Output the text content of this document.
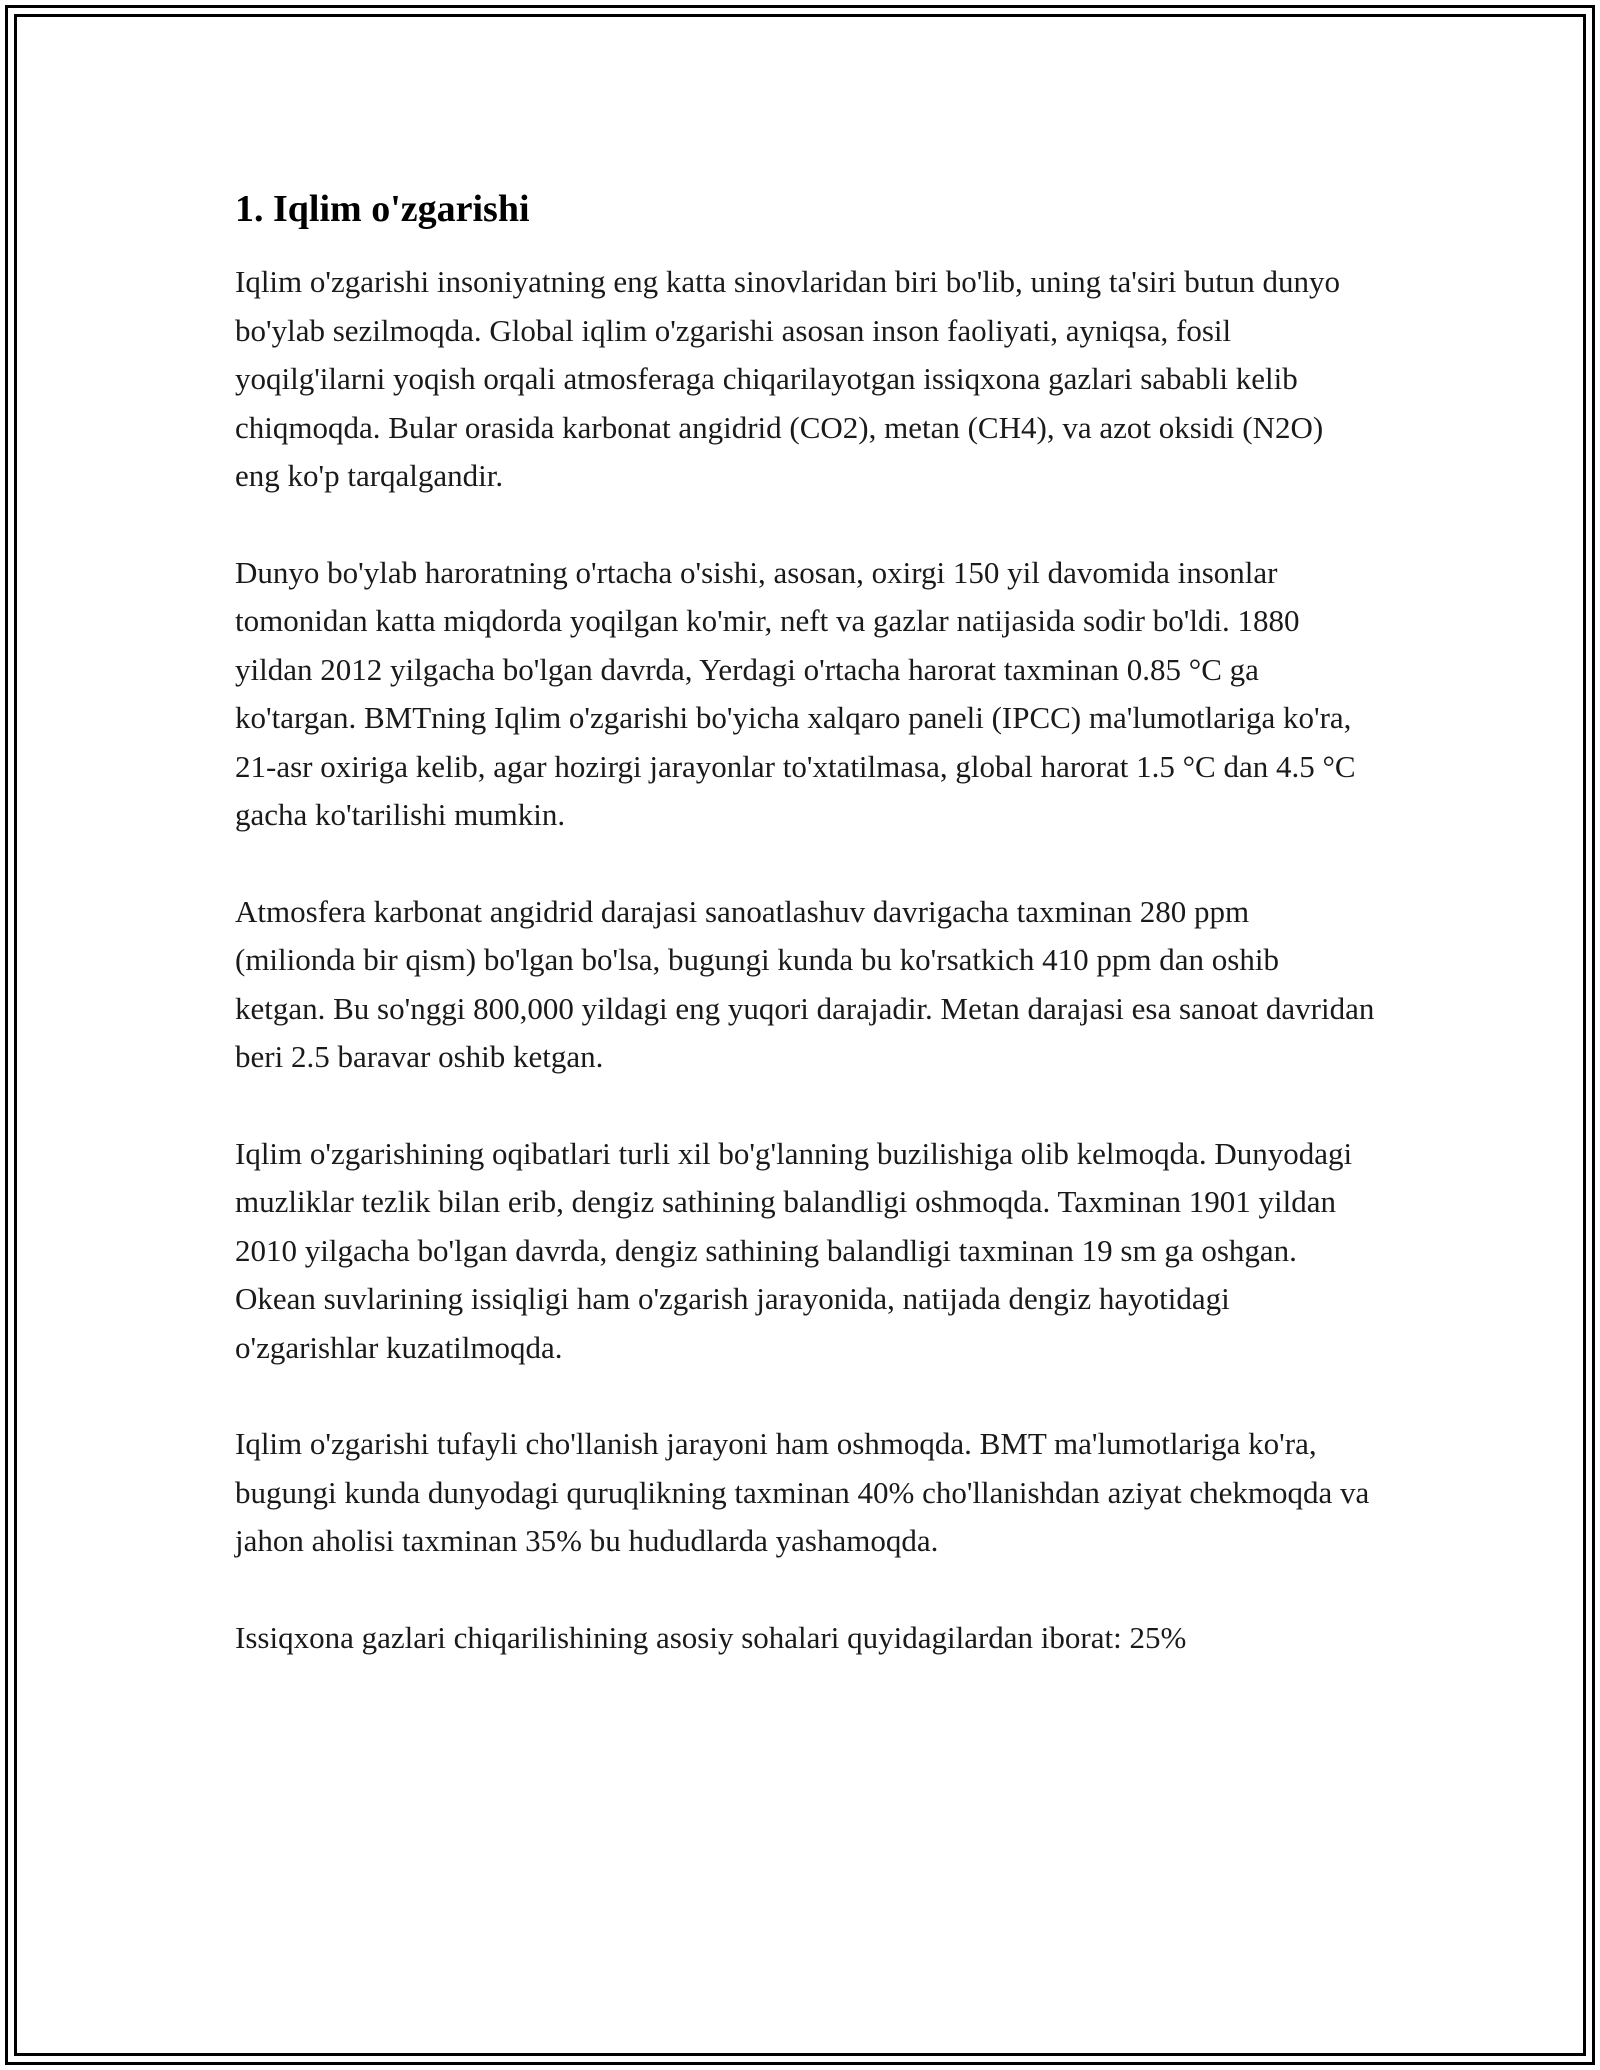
1. Iqlim o'zgarishi

Iqlim o'zgarishi insoniyatning eng katta sinovlaridan biri bo'lib, uning ta'siri butun dunyo bo'ylab sezilmoqda. Global iqlim o'zgarishi asosan inson faoliyati, ayniqsa, fosil yoqilg'ilarni yoqish orqali atmosferaga chiqarilayotgan issiqxona gazlari sababli kelib chiqmoqda. Bular orasida karbonat angidrid (CO2), metan (CH4), va azot oksidi (N2O) eng ko'p tarqalgandir.

Dunyo bo'ylab haroratning o'rtacha o'sishi, asosan, oxirgi 150 yil davomida insonlar tomonidan katta miqdorda yoqilgan ko'mir, neft va gazlar natijasida sodir bo'ldi. 1880 yildan 2012 yilgacha bo'lgan davrda, Yerdagi o'rtacha harorat taxminan 0.85 °C ga ko'targan. BMTning Iqlim o'zgarishi bo'yicha xalqaro paneli (IPCC) ma'lumotlariga ko'ra, 21-asr oxiriga kelib, agar hozirgi jarayonlar to'xtatilmasa, global harorat 1.5 °C dan 4.5 °C gacha ko'tarilishi mumkin.

Atmosfera karbonat angidrid darajasi sanoatlashuv davrigacha taxminan 280 ppm (milionda bir qism) bo'lgan bo'lsa, bugungi kunda bu ko'rsatkich 410 ppm dan oshib ketgan. Bu so'nggi 800,000 yildagi eng yuqori darajadir. Metan darajasi esa sanoat davridan beri 2.5 baravar oshib ketgan.

Iqlim o'zgarishining oqibatlari turli xil bo'g'lanning buzilishiga olib kelmoqda. Dunyodagi muzliklar tezlik bilan erib, dengiz sathining balandligi oshmoqda. Taxminan 1901 yildan 2010 yilgacha bo'lgan davrda, dengiz sathining balandligi taxminan 19 sm ga oshgan. Okean suvlarining issiqligi ham o'zgarish jarayonida, natijada dengiz hayotidagi o'zgarishlar kuzatilmoqda.

Iqlim o'zgarishi tufayli cho'llanish jarayoni ham oshmoqda. BMT ma'lumotlariga ko'ra, bugungi kunda dunyodagi quruqlikning taxminan 40% cho'llanishdan aziyat chekmoqda va jahon aholisi taxminan 35% bu hududlarda yashamoqda.

Issiqxona gazlari chiqarilishining asosiy sohalari quyidagilardan iborat: 25%
